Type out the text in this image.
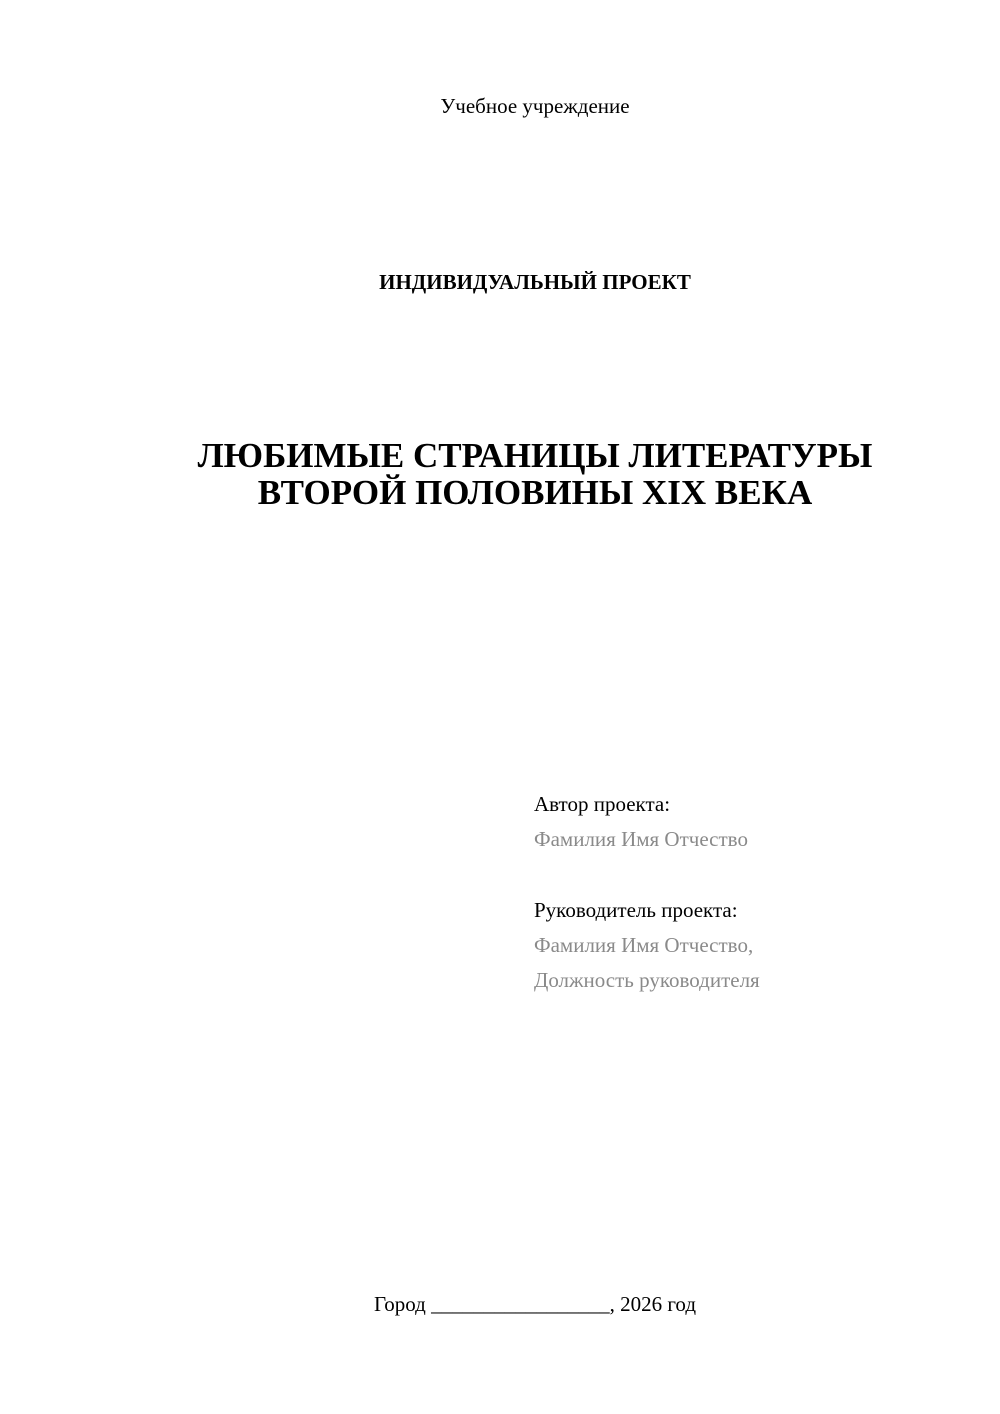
Учебное учреждение
ИНДИВИДУАЛЬНЫЙ ПРОЕКТ
ЛЮБИМЫЕ СТРАНИЦЫ ЛИТЕРАТУРЫ
ВТОРОЙ ПОЛОВИНЫ XIX ВЕКА
Автор проекта:
Фамилия Имя Отчество
Руководитель проекта:
Фамилия Имя Отчество,
Должность руководителя
Город _________________, 2026 год
